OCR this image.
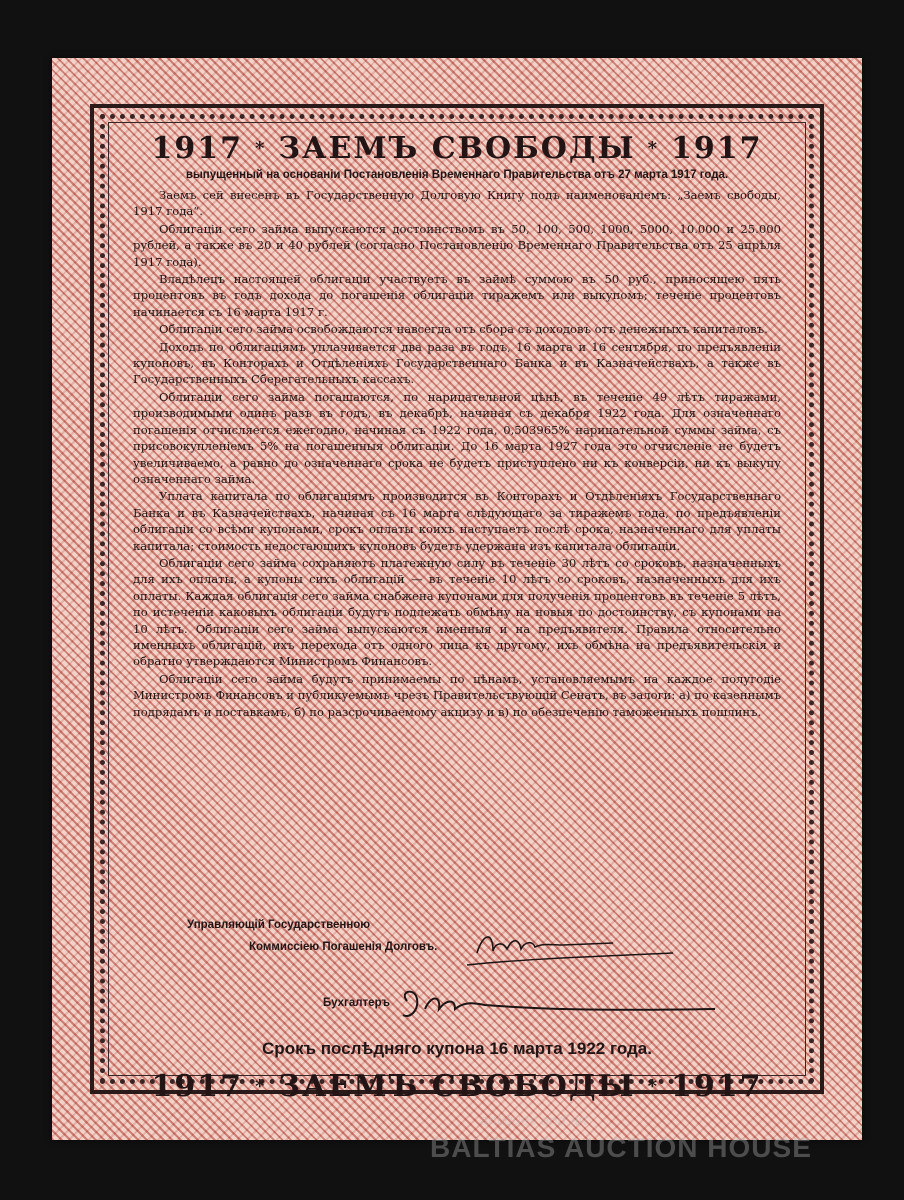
1917 * ЗАЕМЪ СВОБОДЫ * 1917
выпущенный на основаніи Постановленія Временнаго Правительства отъ 27 марта 1917 года.

Заемъ сей внесенъ въ Государственную Долговую Книгу подъ наименованіемъ: „Заемъ свободы, 1917 года“.

Облигаціи сего займа выпускаются достоинствомъ въ 50, 100, 500, 1000, 5000, 10.000 и 25.000 рублей, а также въ 20 и 40 рублей (согласно Постановленію Временнаго Правительства отъ 25 апрѣля 1917 года).

Владѣлецъ настоящей облигаціи участвуетъ въ займѣ суммою въ 50 руб., приносящею пять процентовъ въ годъ дохода до погашенія облигаціи тиражемъ или выкупомъ; теченіе процентовъ начинается съ 16 марта 1917 г.

Облигаціи сего займа освобождаются навсегда отъ сбора съ доходовъ отъ денежныхъ капиталовъ.

Доходъ по облигаціямъ уплачивается два раза въ годъ, 16 марта и 16 сентября, по предъявленіи купоновъ, въ Конторахъ и Отдѣленіяхъ Государственнаго Банка и въ Казначействахъ, а также въ Государственныхъ Сберегательныхъ кассахъ.

Облигаціи сего займа погашаются, по нарицательной цѣнѣ, въ теченіе 49 лѣтъ тиражами, производимыми одинъ разъ въ годъ, въ декабрѣ, начиная съ декабря 1922 года. Для означеннаго погашенія отчисляется ежегодно, начиная съ 1922 года, 0,503965% нарицательной суммы займа, съ присовокупленіемъ 5% на погашенныя облигаціи. До 16 марта 1927 года это отчисленіе не будетъ увеличиваемо, а равно до означеннаго срока не будетъ приступлено ни къ конверсіи, ни къ выкупу означеннаго займа.

Уплата капитала по облигаціямъ производится въ Конторахъ и Отдѣленіяхъ Государственнаго Банка и въ Казначействахъ, начиная съ 16 марта слѣдующаго за тиражемъ года, по предъявленіи облигаціи со всѣми купонами, срокъ оплаты коихъ наступаетъ послѣ срока, назначеннаго для уплаты капитала; стоимость недостающихъ купоновъ будетъ удержана изъ капитала облигаціи.

Облигаціи сего займа сохраняютъ платежную силу въ теченіе 30 лѣтъ со сроковъ, назначенныхъ для ихъ оплаты, а купоны сихъ облигацій — въ теченіе 10 лѣтъ со сроковъ, назначенныхъ для ихъ оплаты. Каждая облигація сего займа снабжена купонами для полученія процентовъ въ теченіе 5 лѣтъ, по истеченіи каковыхъ облигаціи будутъ подлежать обмѣну на новыя по достоинству, съ купонами на 10 лѣтъ. Облигаціи сего займа выпускаются именныя и на предъявителя. Правила относительно именныхъ облигацій, ихъ перехода отъ одного лица къ другому, ихъ обмѣна на предъявительскія и обратно утверждаются Министромъ Финансовъ.

Облигаціи сего займа будутъ принимаемы по цѣнамъ, установляемымъ на каждое полугодіе Министромъ Финансовъ и публикуемымъ чрезъ Правительствующій Сенатъ, въ залоги: а) по казеннымъ подрядамъ и поставкамъ, б) по разсрочиваемому акцизу и в) по обезпеченію таможенныхъ пошлинъ.

Управляющій Государственною
Коммиссіею Погашенія Долговъ.
Бухгалтеръ
Срокъ послѣдняго купона 16 марта 1922 года.
1917 * ЗАЕМЪ СВОБОДЫ * 1917
antiques and art
BALTIAS AUCTION HOUSE
